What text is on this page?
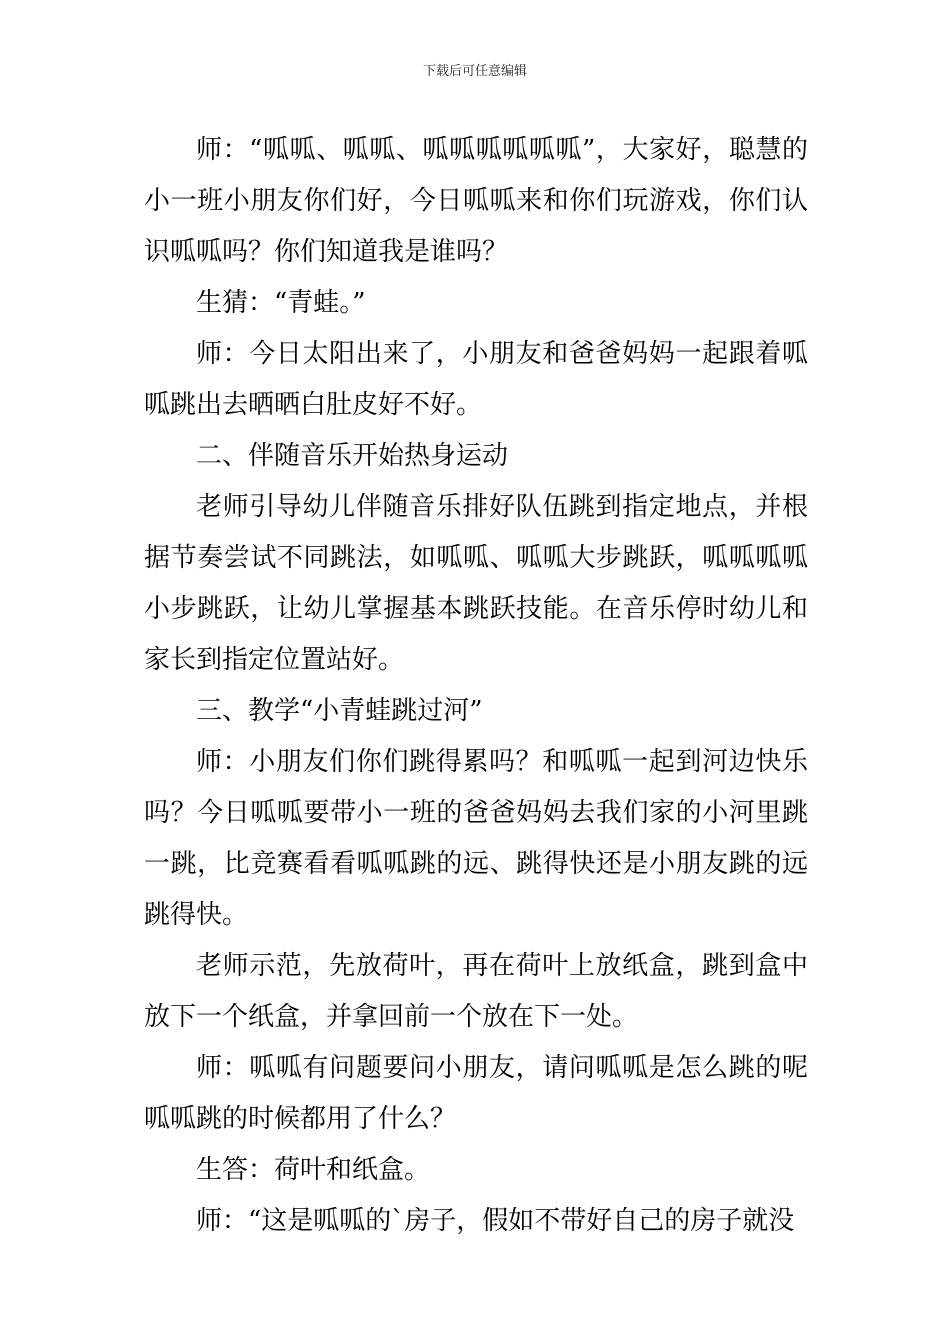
下载后可任意编辑

师：“呱呱、呱呱、呱呱呱呱呱呱”，大家好，聪慧的小一班小朋友你们好，今日呱呱来和你们玩游戏，你们认识呱呱吗？你们知道我是谁吗？

生猜：“青蛙。”

师：今日太阳出来了，小朋友和爸爸妈妈一起跟着呱呱跳出去晒晒白肚皮好不好。

二、伴随音乐开始热身运动

老师引导幼儿伴随音乐排好队伍跳到指定地点，并根据节奏尝试不同跳法，如呱呱、呱呱大步跳跃，呱呱呱呱小步跳跃，让幼儿掌握基本跳跃技能。在音乐停时幼儿和家长到指定位置站好。

三、教学“小青蛙跳过河”

师：小朋友们你们跳得累吗？和呱呱一起到河边快乐吗？今日呱呱要带小一班的爸爸妈妈去我们家的小河里跳一跳，比竞赛看看呱呱跳的远、跳得快还是小朋友跳的远跳得快。

老师示范，先放荷叶，再在荷叶上放纸盒，跳到盒中放下一个纸盒，并拿回前一个放在下一处。

师：呱呱有问题要问小朋友，请问呱呱是怎么跳的呢呱呱跳的时候都用了什么？

生答：荷叶和纸盒。

师：“这是呱呱的`房子，假如不带好自己的房子就没
